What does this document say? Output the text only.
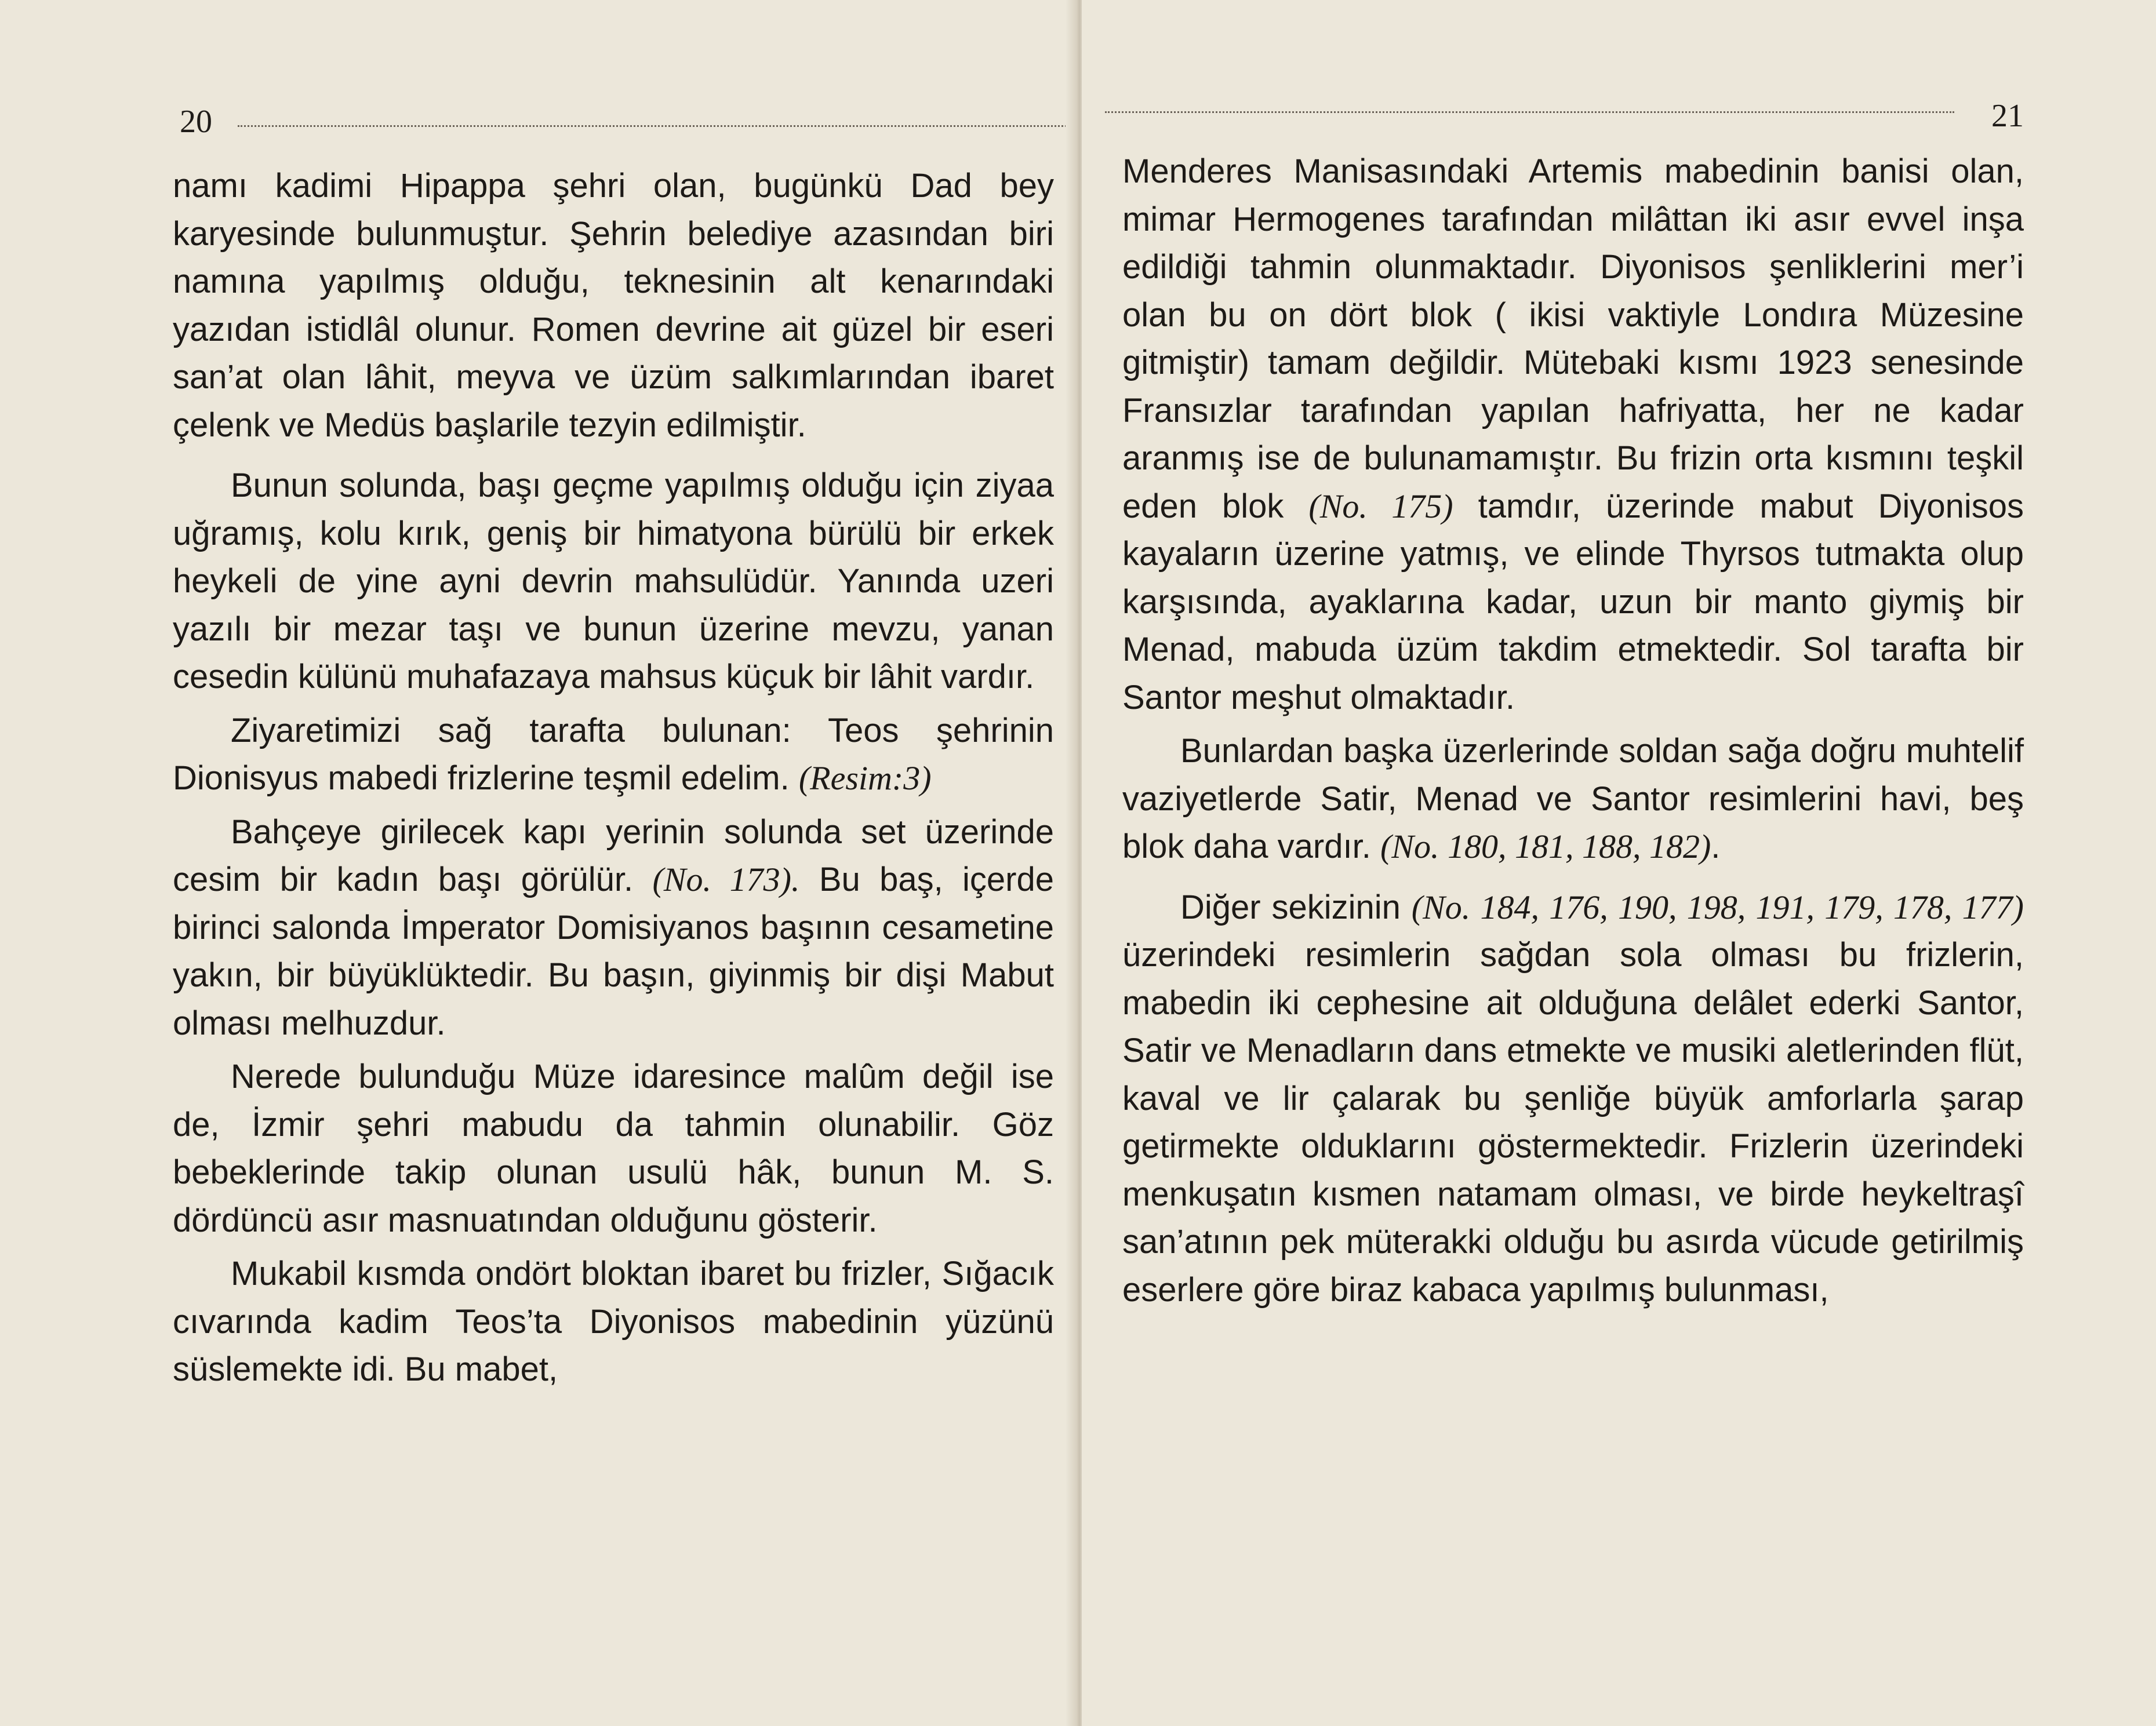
20

namı kadimi Hipappa şehri olan, bugünkü Dad bey karyesinde bulunmuştur. Şehrin belediye azasından biri namına yapılmış olduğu, teknesinin alt kenarındaki yazıdan istidlâl olunur. Romen devrine ait güzel bir eseri san’at olan lâhit, meyva ve üzüm salkımlarından ibaret çelenk ve Medüs başlarile tezyin edilmiştir.

Bunun solunda, başı geçme yapılmış olduğu için ziyaa uğramış, kolu kırık, geniş bir himatyona bürülü bir erkek heykeli de yine ayni devrin mahsulüdür. Yanında uzeri yazılı bir mezar taşı ve bunun üzerine mevzu, yanan cesedin külünü muhafazaya mahsus küçuk bir lâhit vardır.

Ziyaretimizi sağ tarafta bulunan: Teos şehrinin Dionisyus mabedi frizlerine teşmil edelim. (Resim:3)

Bahçeye girilecek kapı yerinin solunda set üzerinde cesim bir kadın başı görülür. (No. 173). Bu baş, içerde birinci salonda İmperator Domisiyanos başının cesametine yakın, bir büyüklüktedir. Bu başın, giyinmiş bir dişi Mabut olması melhuzdur.

Nerede bulunduğu Müze idaresince malûm değil ise de, İzmir şehri mabudu da tahmin olunabilir. Göz bebeklerinde takip olunan usulü hâk, bunun M. S. dördüncü asır masnuatından olduğunu gösterir.

Mukabil kısmda ondört bloktan ibaret bu frizler, Sığacık cıvarında kadim Teos’ta Diyonisos mabedinin yüzünü süslemekte idi. Bu mabet,

21

Menderes Manisasındaki Artemis mabedinin banisi olan, mimar Hermogenes tarafından milâttan iki asır evvel inşa edildiği tahmin olunmaktadır. Diyonisos şenliklerini mer’i olan bu on dört blok ( ikisi vaktiyle Londıra Müzesine gitmiştir) tamam değildir. Mütebaki kısmı 1923 senesinde Fransızlar tarafından yapılan hafriyatta, her ne kadar aranmış ise de bulunamamıştır. Bu frizin orta kısmını teşkil eden blok (No. 175) tamdır, üzerinde mabut Diyonisos kayaların üzerine yatmış, ve elinde Thyrsos tutmakta olup karşısında, ayaklarına kadar, uzun bir manto giymiş bir Menad, mabuda üzüm takdim etmektedir. Sol tarafta bir Santor meşhut olmaktadır.

Bunlardan başka üzerlerinde soldan sağa doğru muhtelif vaziyetlerde Satir, Menad ve Santor resimlerini havi, beş blok daha vardır. (No. 180, 181, 188, 182).

Diğer sekizinin (No. 184, 176, 190, 198, 191, 179, 178, 177) üzerindeki resimlerin sağdan sola olması bu frizlerin, mabedin iki cephesine ait olduğuna delâlet ederki Santor, Satir ve Menadların dans etmekte ve musiki aletlerinden flüt, kaval ve lir çalarak bu şenliğe büyük amforlarla şarap getirmekte olduklarını göstermektedir. Frizlerin üzerindeki menkuşatın kısmen natamam olması, ve birde heykeltraşî san’atının pek müterakki olduğu bu asırda vücude getirilmiş eserlere göre biraz kabaca yapılmış bulunması,
